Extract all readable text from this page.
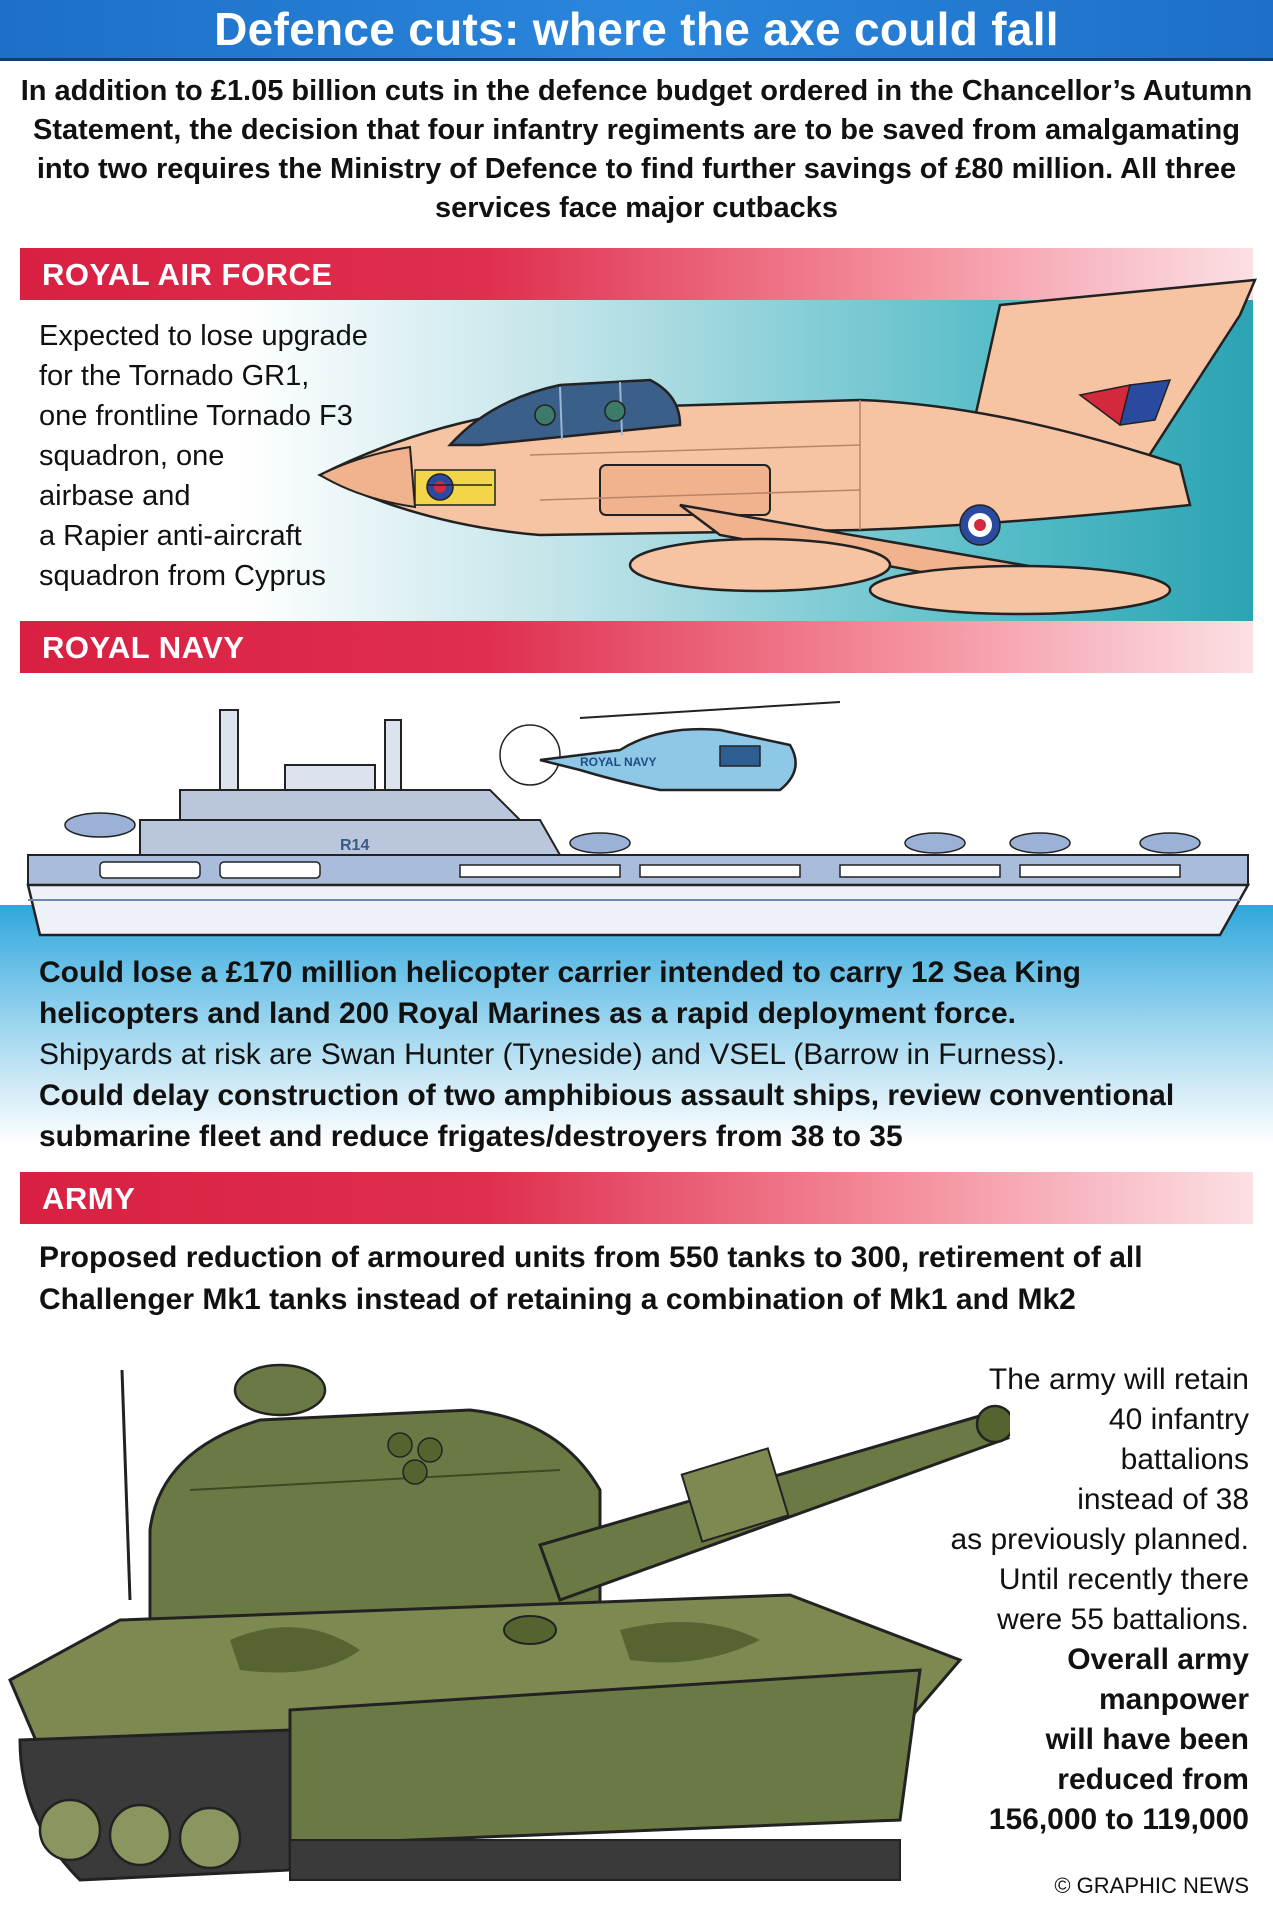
Defence cuts: where the axe could fall
In addition to £1.05 billion cuts in the defence budget ordered in the Chancellor’s Autumn Statement, the decision that four infantry regiments are to be saved from amalgamating into two requires the Ministry of Defence to find further savings of £80 million. All three services face major cutbacks
ROYAL AIR FORCE
Expected to lose upgrade
for the Tornado GR1,
one frontline Tornado F3
squadron, one
airbase and
a Rapier anti-aircraft
squadron from Cyprus
ROYAL NAVY
R14
ROYAL NAVY
Could lose a £170 million helicopter carrier intended to carry 12 Sea King helicopters and land 200 Royal Marines as a rapid deployment force.
Shipyards at risk are Swan Hunter (Tyneside) and VSEL (Barrow in Furness).
Could delay construction of two amphibious assault ships, review conventional submarine fleet and reduce frigates/destroyers from 38 to 35
ARMY
Proposed reduction of armoured units from 550 tanks to 300, retirement of all Challenger Mk1 tanks instead of retaining a combination of Mk1 and Mk2
The army will retain
40 infantry
battalions
instead of 38
as previously planned.
Until recently there
were 55 battalions.
Overall army
manpower
will have been
reduced from
156,000 to 119,000
© GRAPHIC NEWS
